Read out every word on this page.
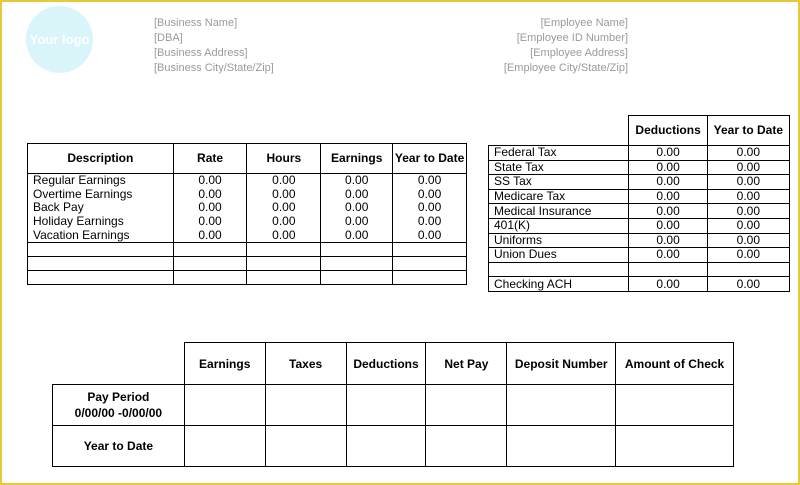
Your logo
[Business Name]
[DBA]
[Business Address]
[Business City/State/Zip]
[Employee Name]
[Employee ID Number]
[Employee Address]
[Employee City/State/Zip]
Description	Rate	Hours	Earnings	Year to Date
Regular Earnings	0.00	0.00	0.00	0.00
Overtime Earnings	0.00	0.00	0.00	0.00
Back Pay	0.00	0.00	0.00	0.00
Holiday Earnings	0.00	0.00	0.00	0.00
Vacation Earnings	0.00	0.00	0.00	0.00

	Deductions	Year to Date
Federal Tax	0.00	0.00
State Tax	0.00	0.00
SS Tax	0.00	0.00
Medicare Tax	0.00	0.00
Medical Insurance	0.00	0.00
401(K)	0.00	0.00
Uniforms	0.00	0.00
Union Dues	0.00	0.00

Checking ACH	0.00	0.00
	Earnings	Taxes	Deductions	Net Pay	Deposit Number	Amount of Check

Pay Period
0/00/00 -0/00/00						

Year to Date						
